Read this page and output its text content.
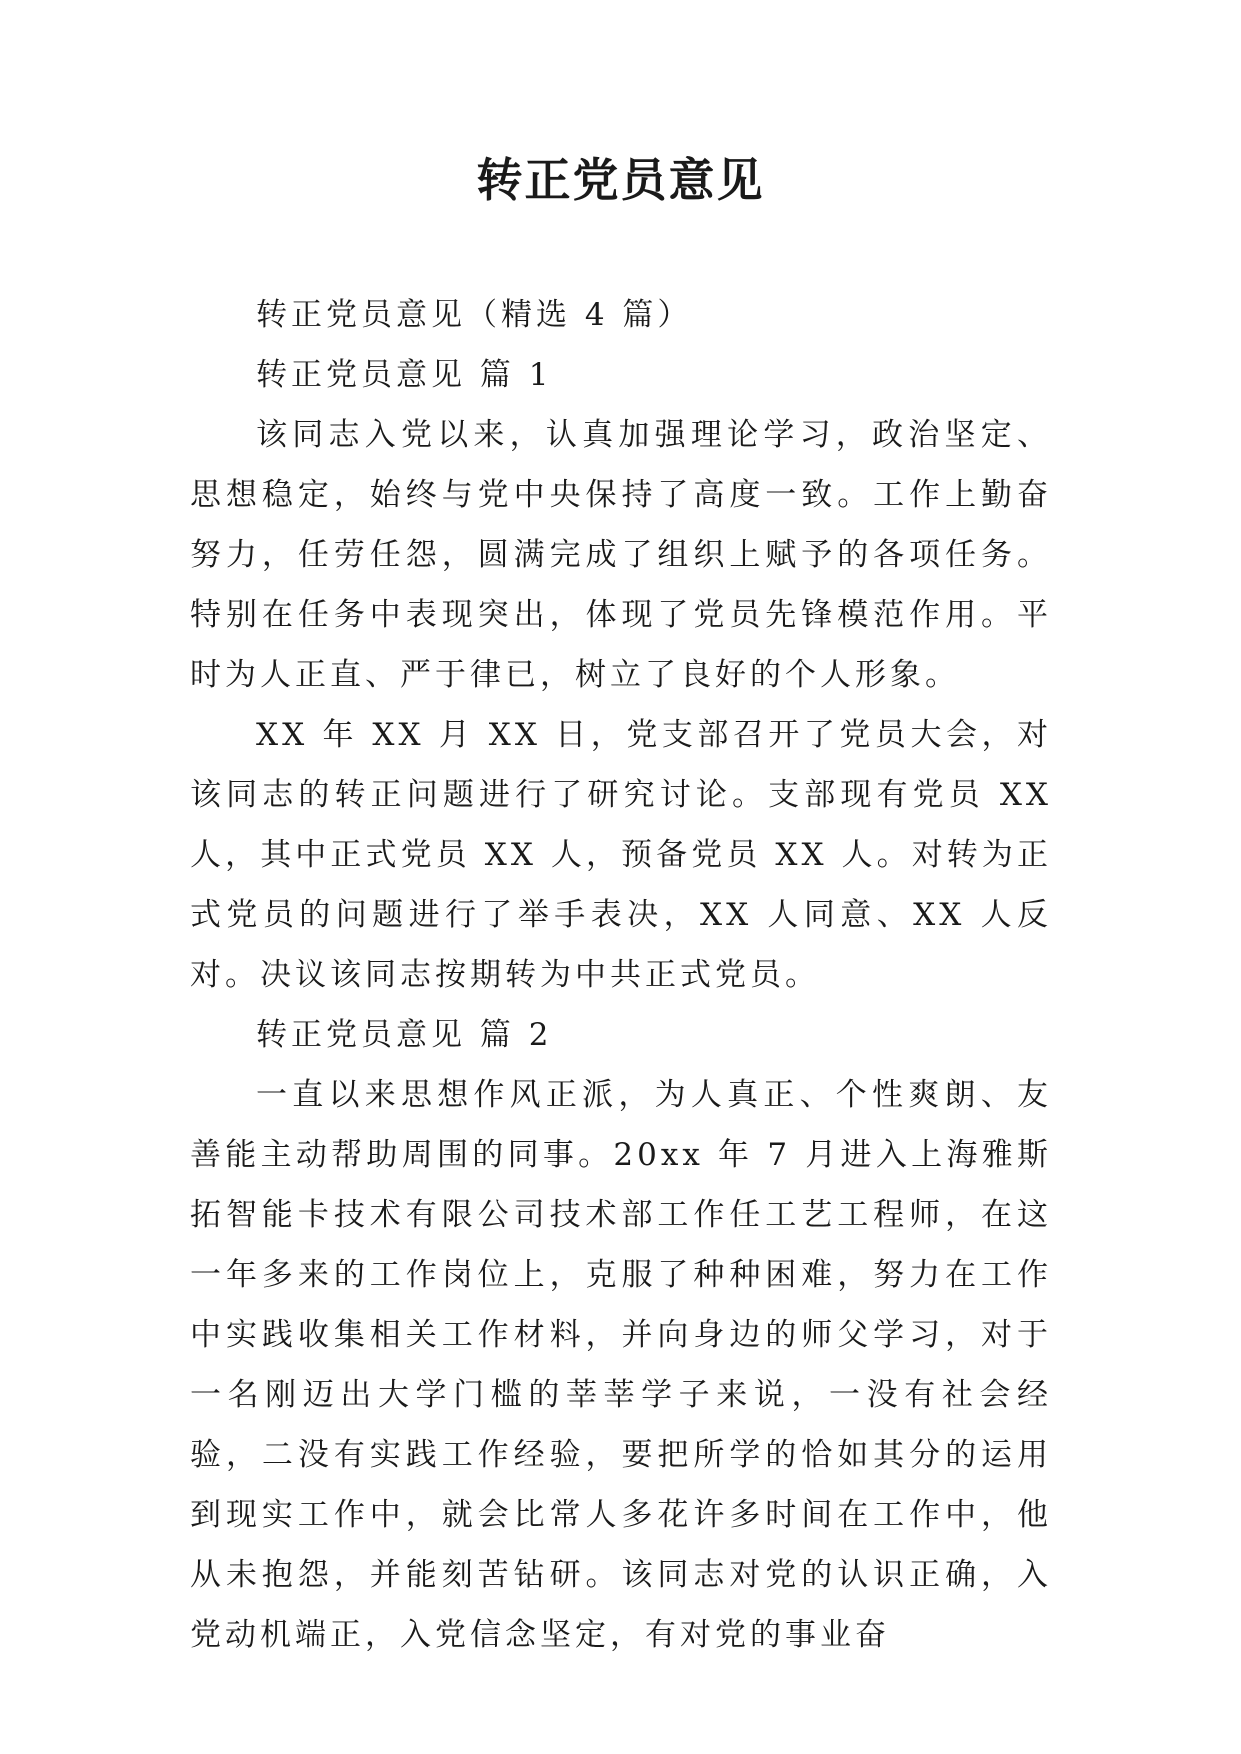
转正党员意见

转正党员意见（精选 4 篇）

转正党员意见 篇 1

该同志入党以来，认真加强理论学习，政治坚定、思想稳定，始终与党中央保持了高度一致。工作上勤奋努力，任劳任怨，圆满完成了组织上赋予的各项任务。特别在任务中表现突出，体现了党员先锋模范作用。平时为人正直、严于律已，树立了良好的个人形象。

XX 年 XX 月 XX 日，党支部召开了党员大会，对该同志的转正问题进行了研究讨论。支部现有党员 XX 人，其中正式党员 XX 人，预备党员 XX 人。对转为正式党员的问题进行了举手表决，XX 人同意、XX 人反对。决议该同志按期转为中共正式党员。

转正党员意见 篇 2

一直以来思想作风正派，为人真正、个性爽朗、友善能主动帮助周围的同事。20xx 年 7 月进入上海雅斯拓智能卡技术有限公司技术部工作任工艺工程师，在这一年多来的工作岗位上，克服了种种困难，努力在工作中实践收集相关工作材料，并向身边的师父学习，对于一名刚迈出大学门槛的莘莘学子来说，一没有社会经验，二没有实践工作经验，要把所学的恰如其分的运用到现实工作中，就会比常人多花许多时间在工作中，他从未抱怨，并能刻苦钻研。该同志对党的认识正确，入党动机端正，入党信念坚定，有对党的事业奋
